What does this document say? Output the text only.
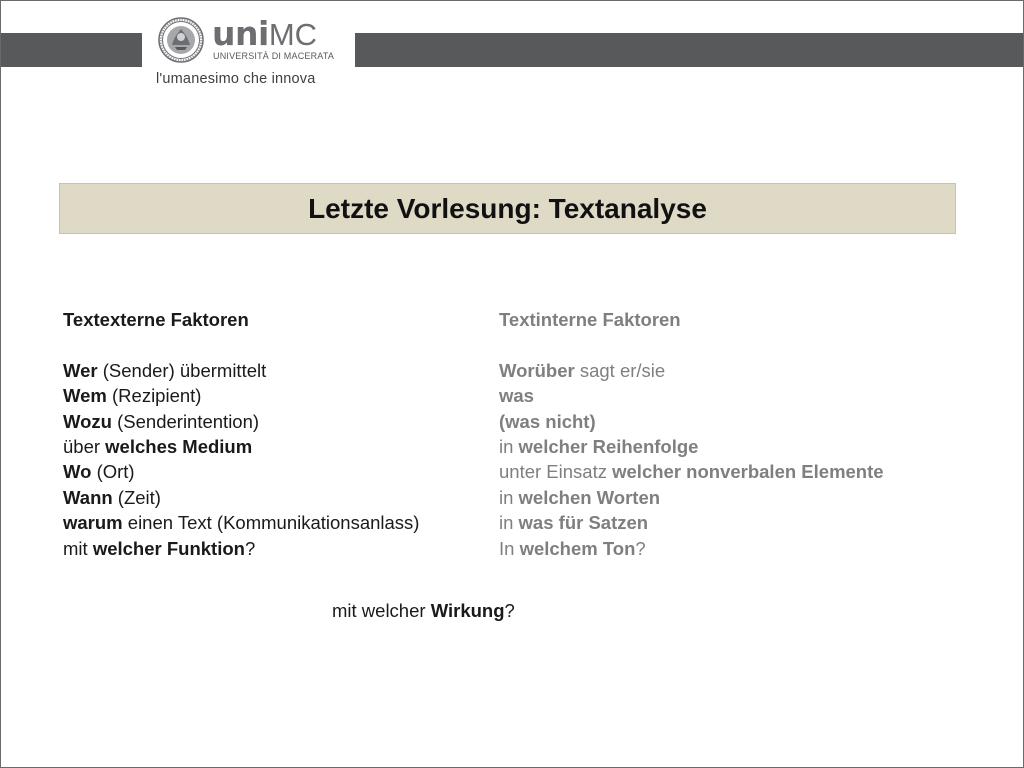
uniMC
UNIVERSITÀ DI MACERATA
l'umanesimo che innova
Letzte Vorlesung: Textanalyse
Textexterne Faktoren
Wer (Sender) übermittelt
Wem (Rezipient)
Wozu (Senderintention)
über welches Medium
Wo (Ort)
Wann (Zeit)
warum einen Text (Kommunikationsanlass)
mit welcher Funktion?
Textinterne Faktoren
Worüber sagt er/sie
was
(was nicht)
in welcher Reihenfolge
unter Einsatz welcher nonverbalen Elemente
in welchen Worten
in was für Satzen
In welchem Ton?
mit welcher Wirkung?
